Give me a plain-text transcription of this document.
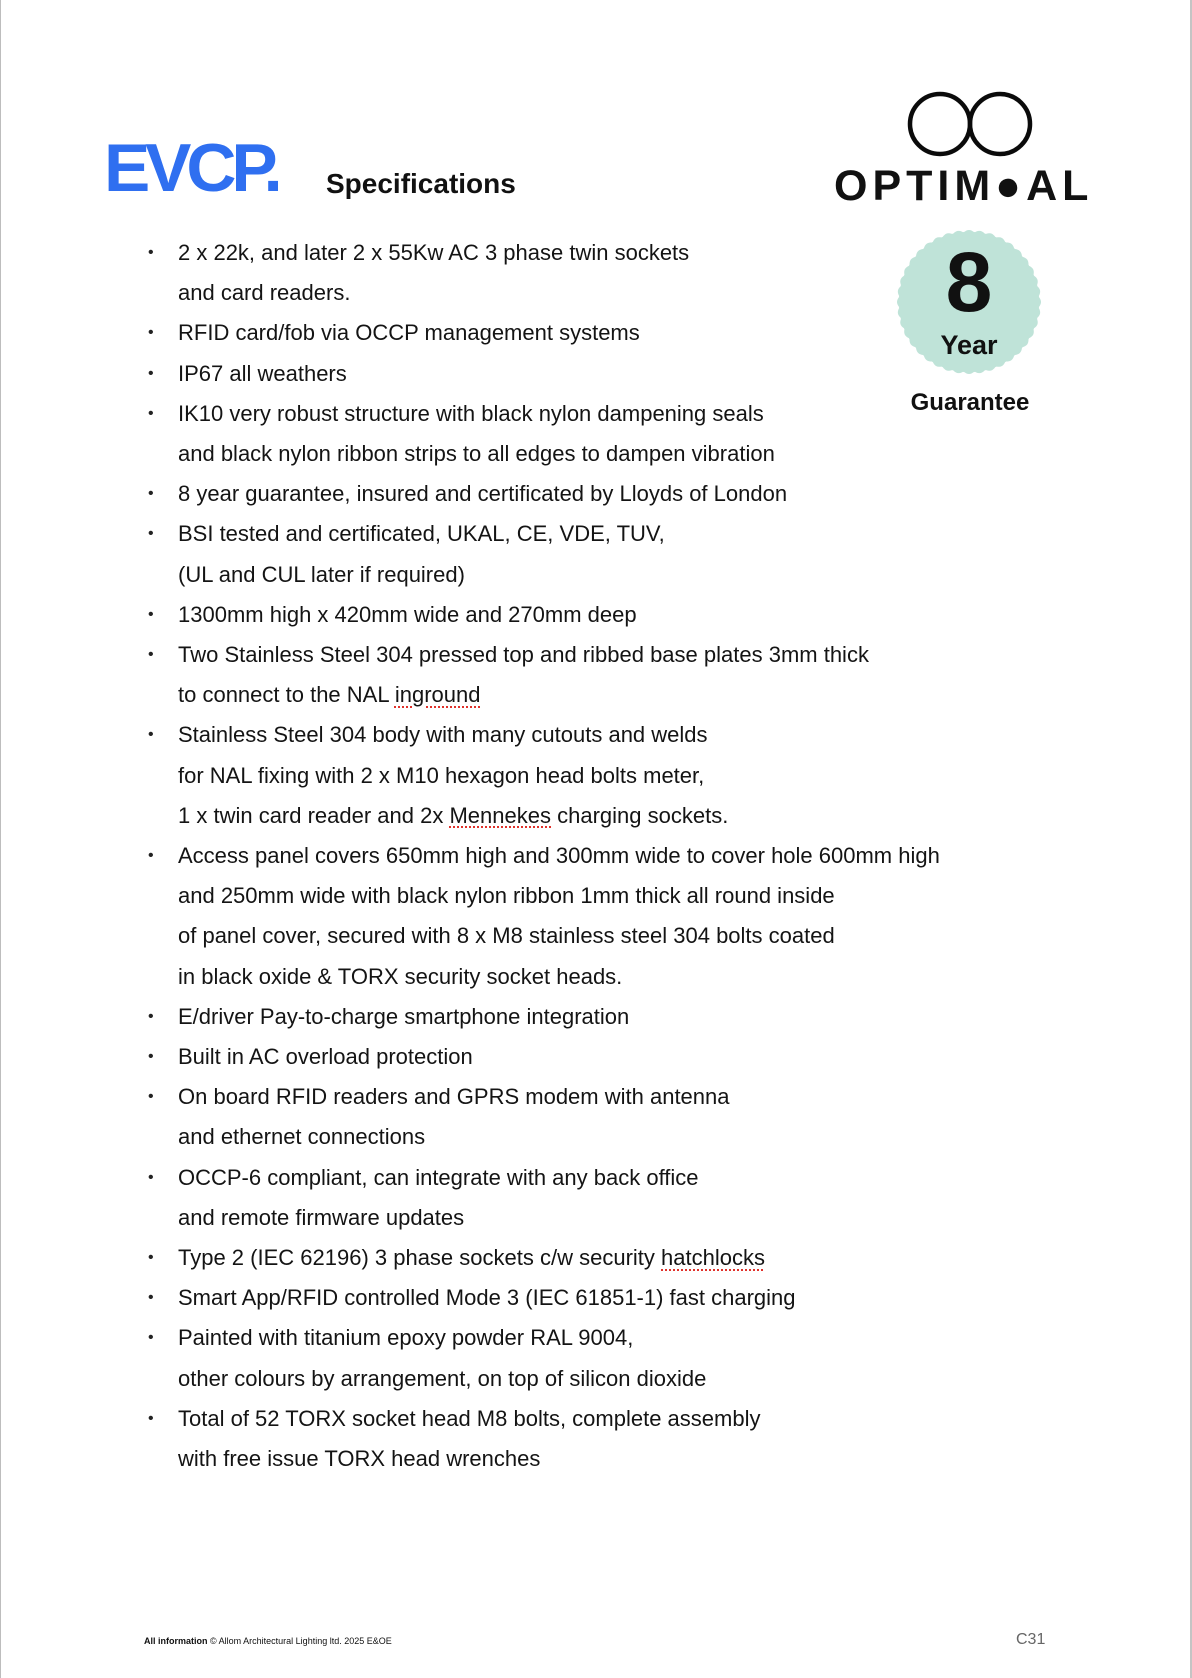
EVCP. Specifications	OPTIM●AL
8
Year
Guarantee
• 2 x 22k, and later 2 x 55Kw AC 3 phase twin sockets
and card readers.
• RFID card/fob via OCCP management systems
• IP67 all weathers
• IK10 very robust structure with black nylon dampening seals
and black nylon ribbon strips to all edges to dampen vibration
• 8 year guarantee, insured and certificated by Lloyds of London
• BSI tested and certificated, UKAL, CE, VDE, TUV,
(UL and CUL later if required)
• 1300mm high x 420mm wide and 270mm deep
• Two Stainless Steel 304 pressed top and ribbed base plates 3mm thick
to connect to the NAL inground
• Stainless Steel 304 body with many cutouts and welds
for NAL fixing with 2 x M10 hexagon head bolts meter,
1 x twin card reader and 2x Mennekes charging sockets.
• Access panel covers 650mm high and 300mm wide to cover hole 600mm high
and 250mm wide with black nylon ribbon 1mm thick all round inside
of panel cover, secured with 8 x M8 stainless steel 304 bolts coated
in black oxide & TORX security socket heads.
• E/driver Pay-to-charge smartphone integration
• Built in AC overload protection
• On board RFID readers and GPRS modem with antenna
and ethernet connections
• OCCP-6 compliant, can integrate with any back office
and remote firmware updates
• Type 2 (IEC 62196) 3 phase sockets c/w security hatchlocks
• Smart App/RFID controlled Mode 3 (IEC 61851-1) fast charging
• Painted with titanium epoxy powder RAL 9004,
other colours by arrangement, on top of silicon dioxide
• Total of 52 TORX socket head M8 bolts, complete assembly
with free issue TORX head wrenches
All information © Allom Architectural Lighting ltd. 2025 E&OE	C31
